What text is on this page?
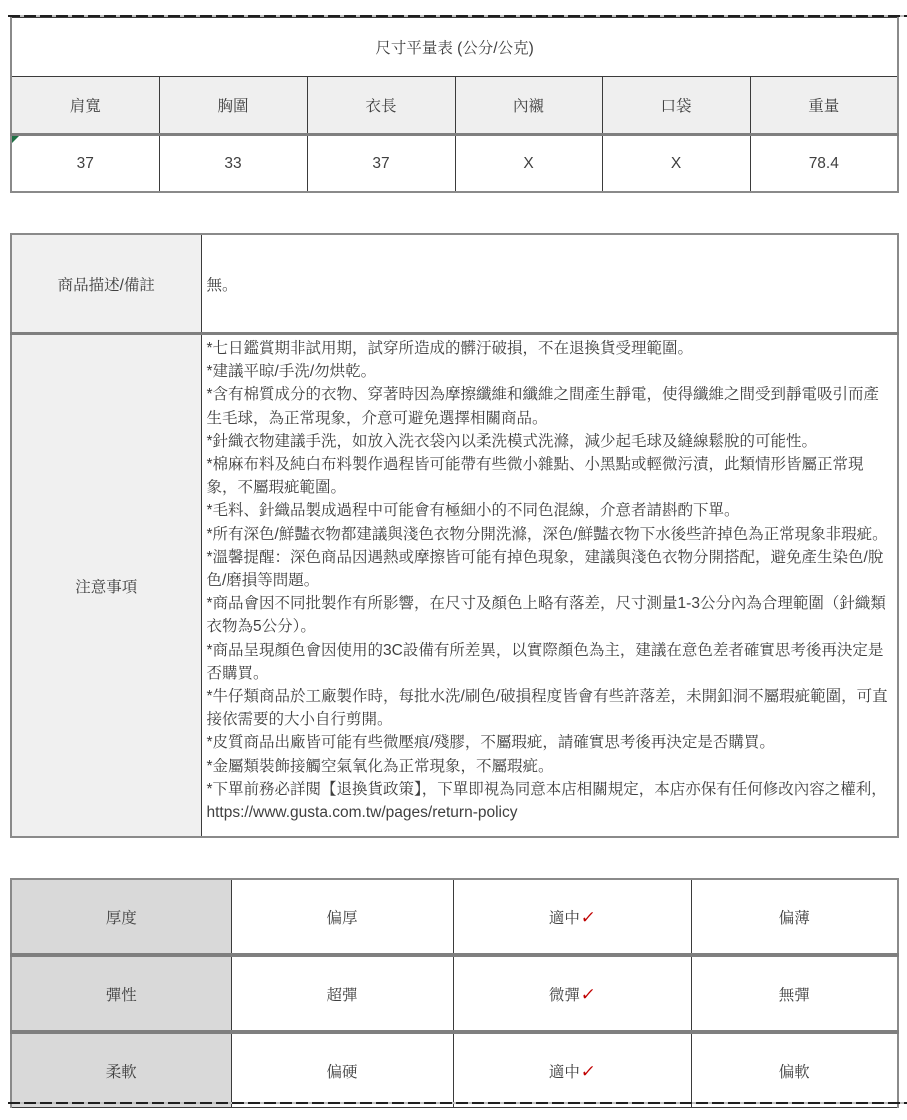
尺寸平量表 (公分/公克)					
肩寬	胸圍	衣長	內襯	口袋	重量

37	33	37	X	X	78.4
商品描述/備註	無。
注意事項	
*七日鑑賞期非試用期，試穿所造成的髒汙破損，不在退換貨受理範圍。
*建議平晾/手洗/勿烘乾。
*含有棉質成分的衣物、穿著時因為摩擦纖維和纖維之間產生靜電，使得纖維之間受到靜電吸引而產生毛球，為正常現象，介意可避免選擇相關商品。
*針織衣物建議手洗，如放入洗衣袋內以柔洗模式洗滌，減少起毛球及縫線鬆脫的可能性。
*棉麻布料及純白布料製作過程皆可能帶有些微小雜點、小黑點或輕微污漬，此類情形皆屬正常現象，不屬瑕疵範圍。
*毛料、針織品製成過程中可能會有極細小的不同色混線，介意者請斟酌下單。
*所有深色/鮮豔衣物都建議與淺色衣物分開洗滌，深色/鮮豔衣物下水後些許掉色為正常現象非瑕疵。
*溫馨提醒：深色商品因遇熱或摩擦皆可能有掉色現象，建議與淺色衣物分開搭配，避免產生染色/脫色/磨損等問題。
*商品會因不同批製作有所影響，在尺寸及顏色上略有落差，尺寸測量1-3公分內為合理範圍（針織類衣物為5公分）。
*商品呈現顏色會因使用的3C設備有所差異，以實際顏色為主，建議在意色差者確實思考後再決定是否購買。
*牛仔類商品於工廠製作時，每批水洗/刷色/破損程度皆會有些許落差，未開釦洞不屬瑕疵範圍，可直接依需要的大小自行剪開。
*皮質商品出廠皆可能有些微壓痕/殘膠，不屬瑕疵，請確實思考後再決定是否購買。
*金屬類裝飾接觸空氣氧化為正常現象，不屬瑕疵。
*下單前務必詳閱【退換貨政策】，下單即視為同意本店相關規定，本店亦保有任何修改內容之權利，https://www.gusta.com.tw/pages/return-policy
厚度	偏厚	適中✓	偏薄
彈性	超彈	微彈✓	無彈
柔軟	偏硬	適中✓	偏軟
